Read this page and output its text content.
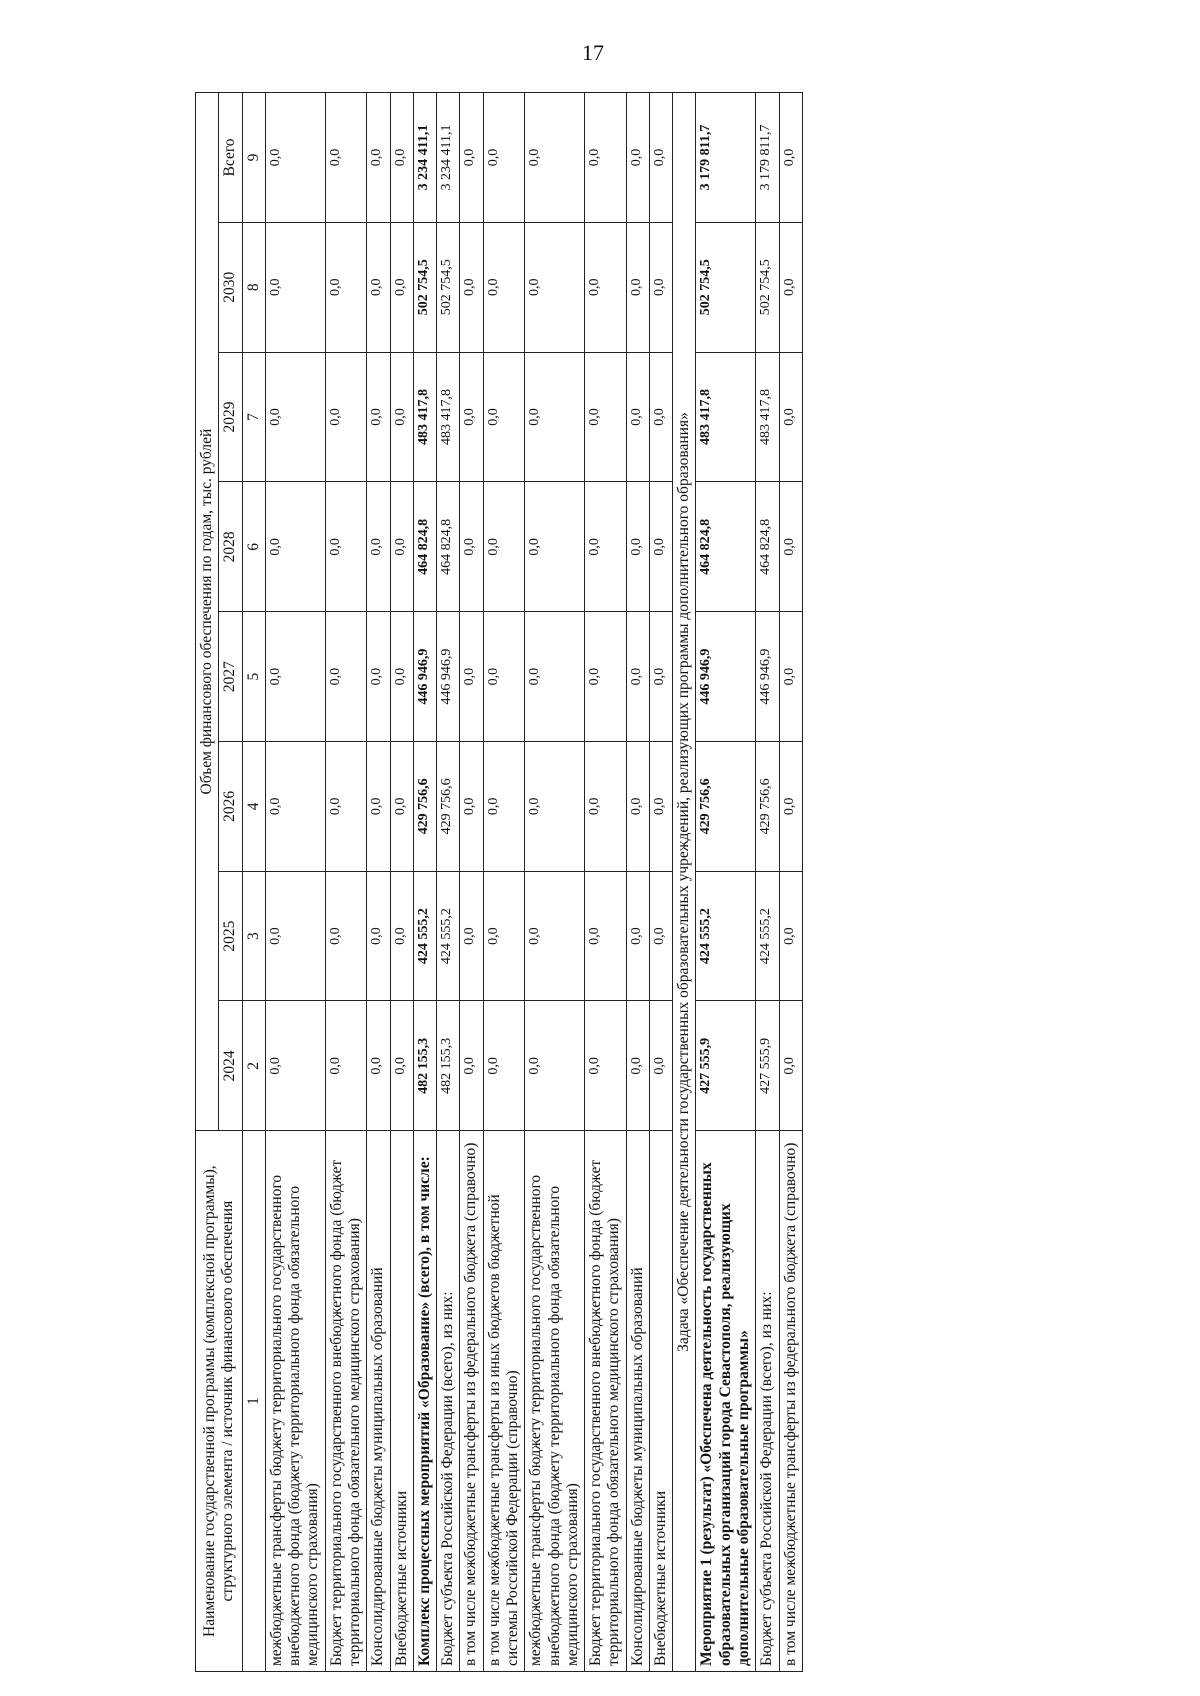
17
Наименование государственной программы (комплексной программы), структурного элемента / источник финансового обеспечения	Объем финансового обеспечения по годам, тыс. рублей							
	2024	2025	2026	2027	2028	2029	2030	Всего
1	2	3	4	5	6	7	8	9
межбюджетные трансферты бюджету территориального государственного внебюджетного фонда (бюджету территориального фонда обязательного медицинского страхования)	0,0	0,0	0,0	0,0	0,0	0,0	0,0	0,0
Бюджет территориального государственного внебюджетного фонда (бюджет территориального фонда обязательного медицинского страхования)	0,0	0,0	0,0	0,0	0,0	0,0	0,0	0,0
Консолидированные бюджеты муниципальных образований	0,0	0,0	0,0	0,0	0,0	0,0	0,0	0,0
Внебюджетные источники	0,0	0,0	0,0	0,0	0,0	0,0	0,0	0,0
Комплекс процессных мероприятий «Образование» (всего), в том числе:	482 155,3	424 555,2	429 756,6	446 946,9	464 824,8	483 417,8	502 754,5	3 234 411,1
Бюджет субъекта Российской Федерации (всего), из них:	482 155,3	424 555,2	429 756,6	446 946,9	464 824,8	483 417,8	502 754,5	3 234 411,1
в том числе межбюджетные трансферты из федерального бюджета (справочно)	0,0	0,0	0,0	0,0	0,0	0,0	0,0	0,0
в том числе межбюджетные трансферты из иных бюджетов бюджетной системы Российской Федерации (справочно)	0,0	0,0	0,0	0,0	0,0	0,0	0,0	0,0
межбюджетные трансферты бюджету территориального государственного внебюджетного фонда (бюджету территориального фонда обязательного медицинского страхования)	0,0	0,0	0,0	0,0	0,0	0,0	0,0	0,0
Бюджет территориального государственного внебюджетного фонда (бюджет территориального фонда обязательного медицинского страхования)	0,0	0,0	0,0	0,0	0,0	0,0	0,0	0,0
Консолидированные бюджеты муниципальных образований	0,0	0,0	0,0	0,0	0,0	0,0	0,0	0,0
Внебюджетные источники	0,0	0,0	0,0	0,0	0,0	0,0	0,0	0,0
Задача «Обеспечение деятельности государственных образовательных учреждений, реализующих программы дополнительного образования»								
Мероприятие 1 (результат) «Обеспечена деятельность государственных образовательных организаций города Севастополя, реализующих дополнительные образовательные программы»	427 555,9	424 555,2	429 756,6	446 946,9	464 824,8	483 417,8	502 754,5	3 179 811,7
Бюджет субъекта Российской Федерации (всего), из них:	427 555,9	424 555,2	429 756,6	446 946,9	464 824,8	483 417,8	502 754,5	3 179 811,7
в том числе межбюджетные трансферты из федерального бюджета (справочно)	0,0	0,0	0,0	0,0	0,0	0,0	0,0	0,0
